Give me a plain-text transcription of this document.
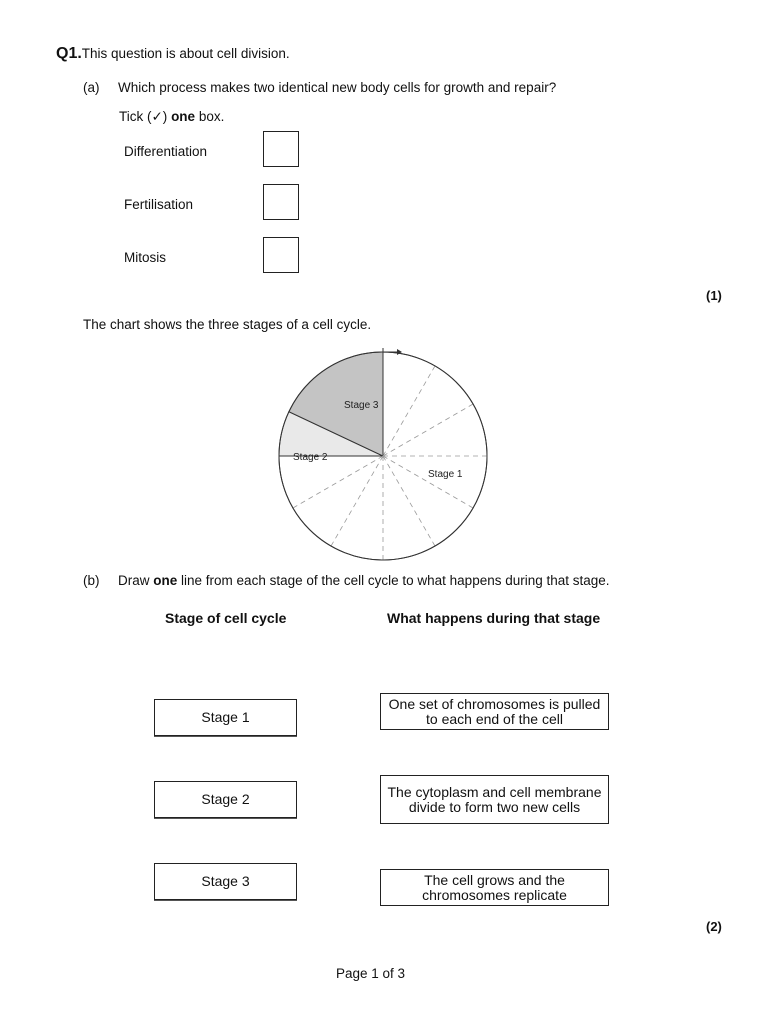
Q1.This question is about cell division.
(a) Which process makes two identical new body cells for growth and repair?
Tick (✓) one box.
Differentiation
Fertilisation
Mitosis
(1)
The chart shows the three stages of a cell cycle.
Stage 3
Stage 2
Stage 1
(b) Draw one line from each stage of the cell cycle to what happens during that stage.
Stage of cell cycle	What happens during that stage
Stage 1
Stage 2
Stage 3
One set of chromosomes is pulled to each end of the cell
The cytoplasm and cell membrane divide to form two new cells
The cell grows and the chromosomes replicate
(2)
Page 1 of 3
